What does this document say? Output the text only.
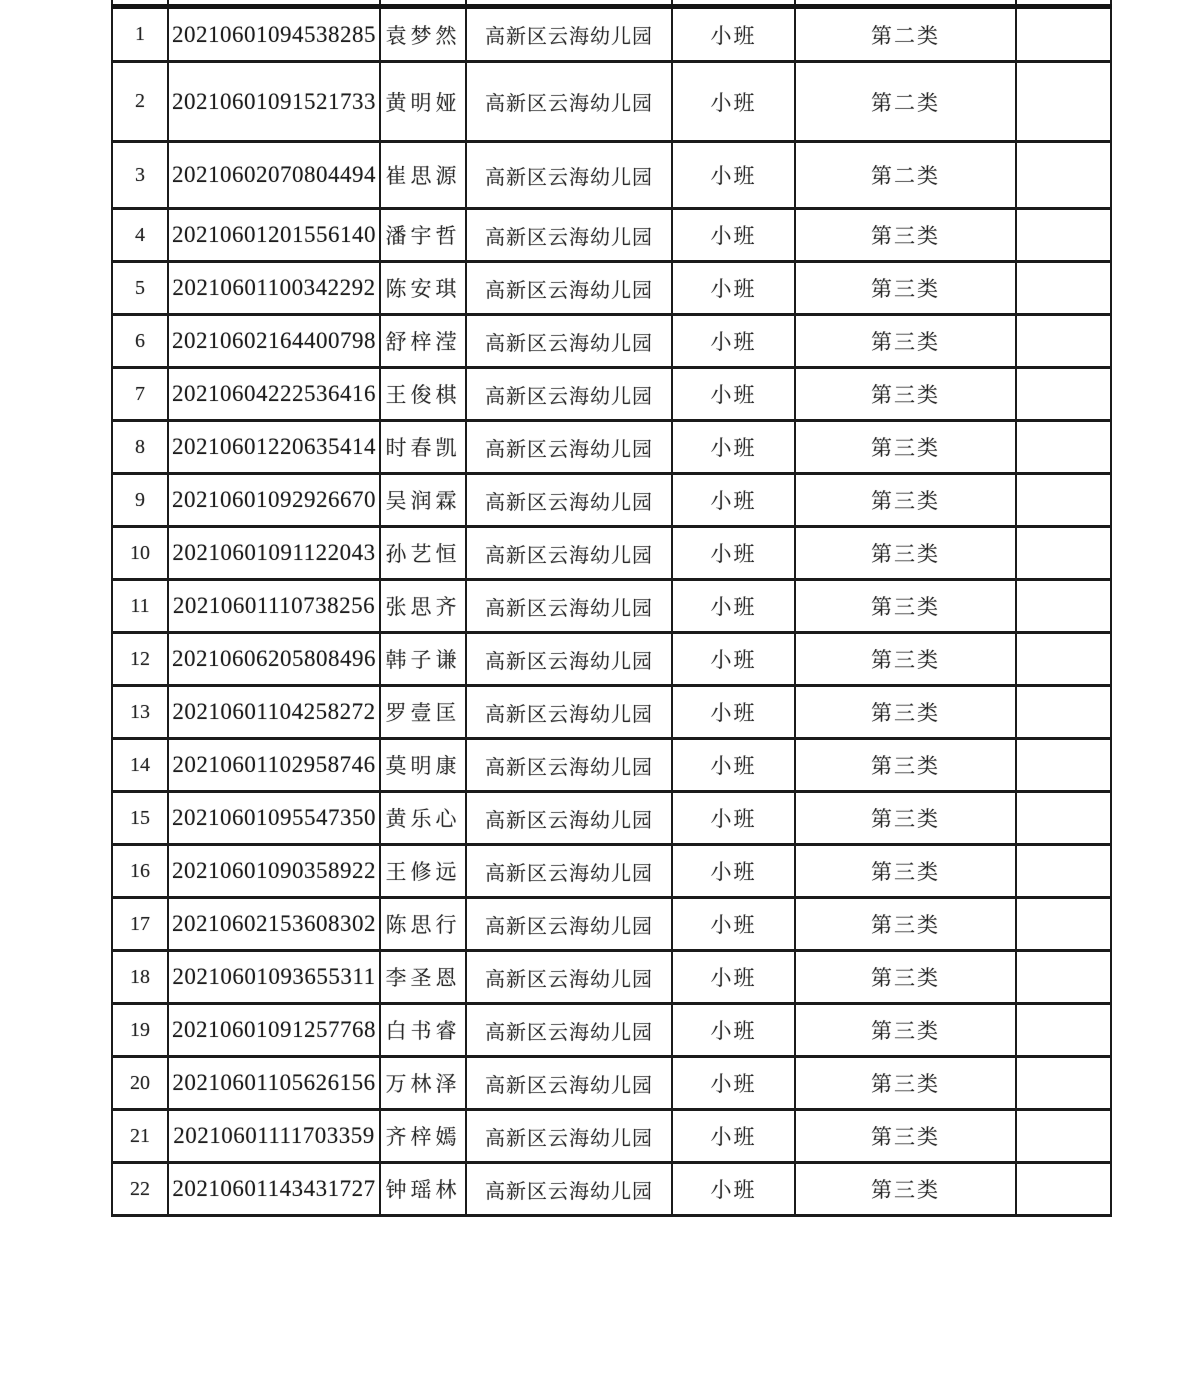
1	20210601094538285	袁梦然	高新区云海幼儿园	小班	第二类	
2	20210601091521733	黄明娅	高新区云海幼儿园	小班	第二类	
3	20210602070804494	崔思源	高新区云海幼儿园	小班	第二类	
4	20210601201556140	潘宇哲	高新区云海幼儿园	小班	第三类	
5	20210601100342292	陈安琪	高新区云海幼儿园	小班	第三类	
6	20210602164400798	舒梓滢	高新区云海幼儿园	小班	第三类	
7	20210604222536416	王俊棋	高新区云海幼儿园	小班	第三类	
8	20210601220635414	时春凯	高新区云海幼儿园	小班	第三类	
9	20210601092926670	吴润霖	高新区云海幼儿园	小班	第三类	
10	20210601091122043	孙艺恒	高新区云海幼儿园	小班	第三类	
11	20210601110738256	张思齐	高新区云海幼儿园	小班	第三类	
12	20210606205808496	韩子谦	高新区云海幼儿园	小班	第三类	
13	20210601104258272	罗壹匡	高新区云海幼儿园	小班	第三类	
14	20210601102958746	莫明康	高新区云海幼儿园	小班	第三类	
15	20210601095547350	黄乐心	高新区云海幼儿园	小班	第三类	
16	20210601090358922	王修远	高新区云海幼儿园	小班	第三类	
17	20210602153608302	陈思行	高新区云海幼儿园	小班	第三类	
18	20210601093655311	李圣恩	高新区云海幼儿园	小班	第三类	
19	20210601091257768	白书睿	高新区云海幼儿园	小班	第三类	
20	20210601105626156	万林泽	高新区云海幼儿园	小班	第三类	
21	20210601111703359	齐梓嫣	高新区云海幼儿园	小班	第三类	
22	20210601143431727	钟瑶林	高新区云海幼儿园	小班	第三类	
